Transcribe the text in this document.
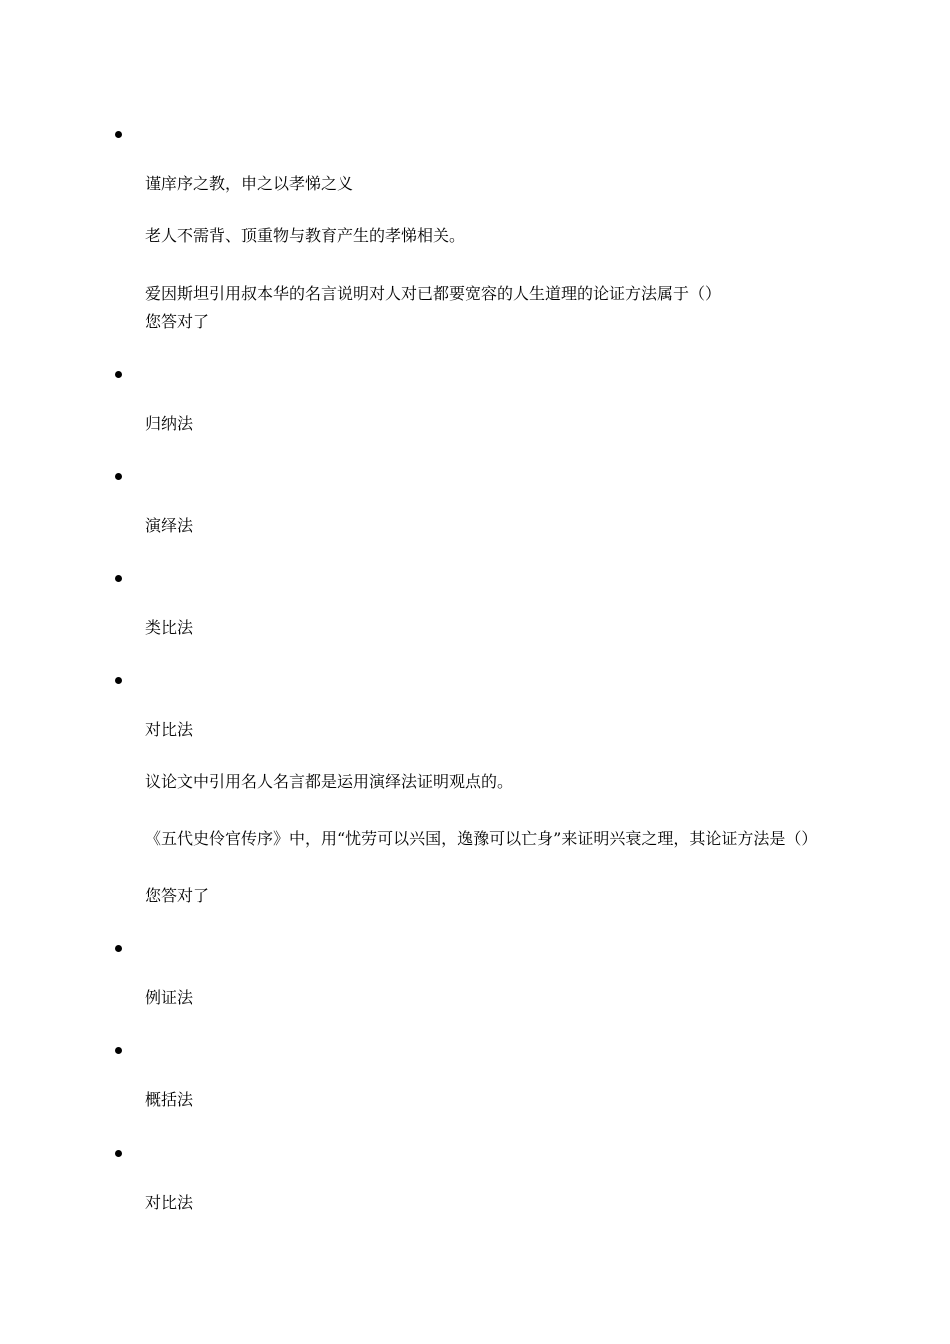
谨庠序之教，申之以孝悌之义
老人不需背、顶重物与教育产生的孝悌相关。
爱因斯坦引用叔本华的名言说明对人对已都要宽容的人生道理的论证方法属于（）
您答对了
归纳法
演绎法
类比法
对比法
议论文中引用名人名言都是运用演绎法证明观点的。
《五代史伶官传序》中，用“忧劳可以兴国，逸豫可以亡身”来证明兴衰之理，其论证方法是（）
您答对了
例证法
概括法
对比法
